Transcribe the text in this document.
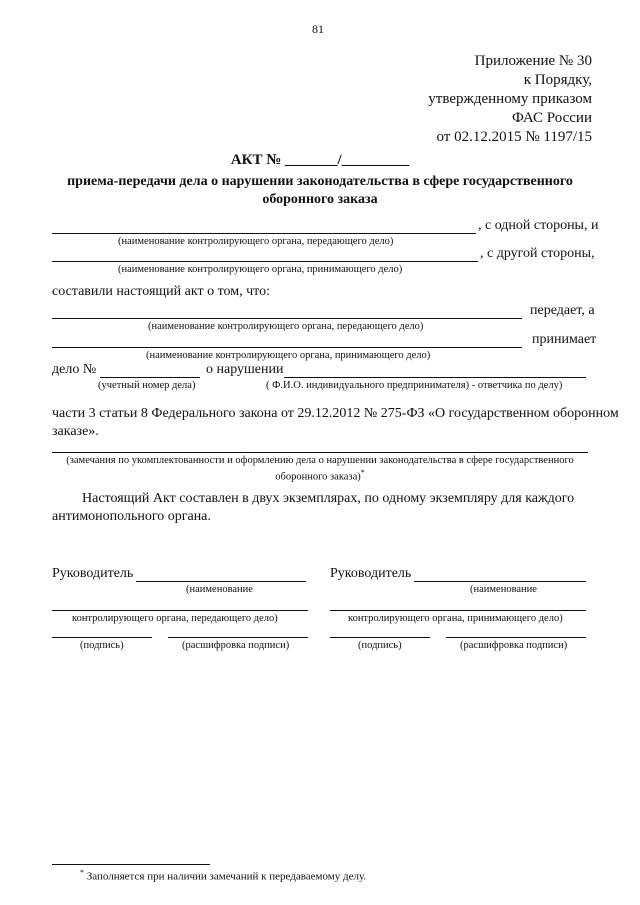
81
Приложение № 30
к Порядку,
утвержденному приказом
ФАС России
от 02.12.2015 № 1197/15
АКТ № _______/_________
приема-передачи дела о нарушении законодательства в сфере государственного
оборонного заказа
, с одной стороны, и
(наименование контролирующего органа, передающего дело)
, с другой стороны,
(наименование контролирующего органа, принимающего дело)
составили настоящий акт о том, что:
передает, а
(наименование контролирующего органа, передающего дело)
принимает
(наименование контролирующего органа, принимающего дело)
дело №	о нарушении
(учетный номер дела)	( Ф.И.О. индивидуального предпринимателя) - ответчика по делу)
части 3 статьи 8 Федерального закона от 29.12.2012 № 275-ФЗ «О государственном оборонном
заказе».
(замечания по укомплектованности и оформлению дела о нарушении законодательства в сфере государственного
оборонного заказа)*
Настоящий Акт составлен в двух экземплярах, по одному экземпляру для каждого
антимонопольного органа.
Руководитель
(наименование
контролирующего органа, передающего дело)
(подпись)	(расшифровка подписи)
Руководитель
(наименование
контролирующего органа, принимающего дело)
(подпись)	(расшифровка подписи)
* Заполняется при наличии замечаний к передаваемому делу.
